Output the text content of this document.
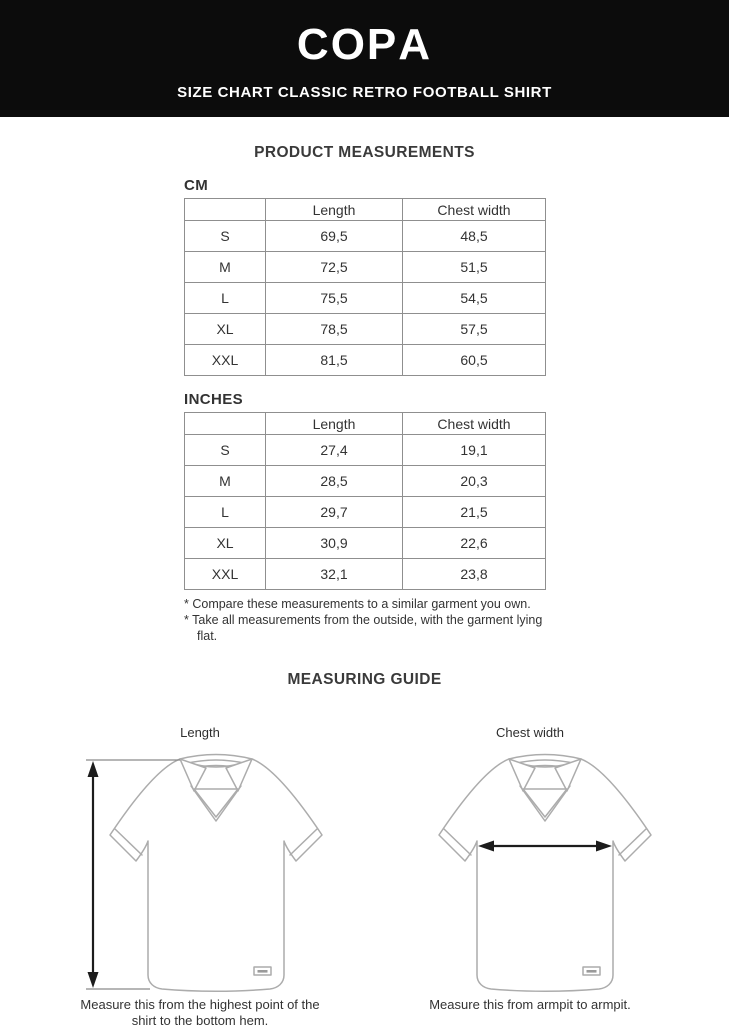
COPA
SIZE CHART CLASSIC RETRO FOOTBALL SHIRT
PRODUCT MEASUREMENTS
CM
	Length	Chest width
S	69,5	48,5
M	72,5	51,5
L	75,5	54,5
XL	78,5	57,5
XXL	81,5	60,5
INCHES
	Length	Chest width
S	27,4	19,1
M	28,5	20,3
L	29,7	21,5
XL	30,9	22,6
XXL	32,1	23,8
* Compare these measurements to a similar garment you own.
* Take all measurements from the outside, with the garment lying flat.
MEASURING GUIDE
Length
Measure this from the highest point of the shirt to the bottom hem.
Chest width
Measure this from armpit to armpit.
